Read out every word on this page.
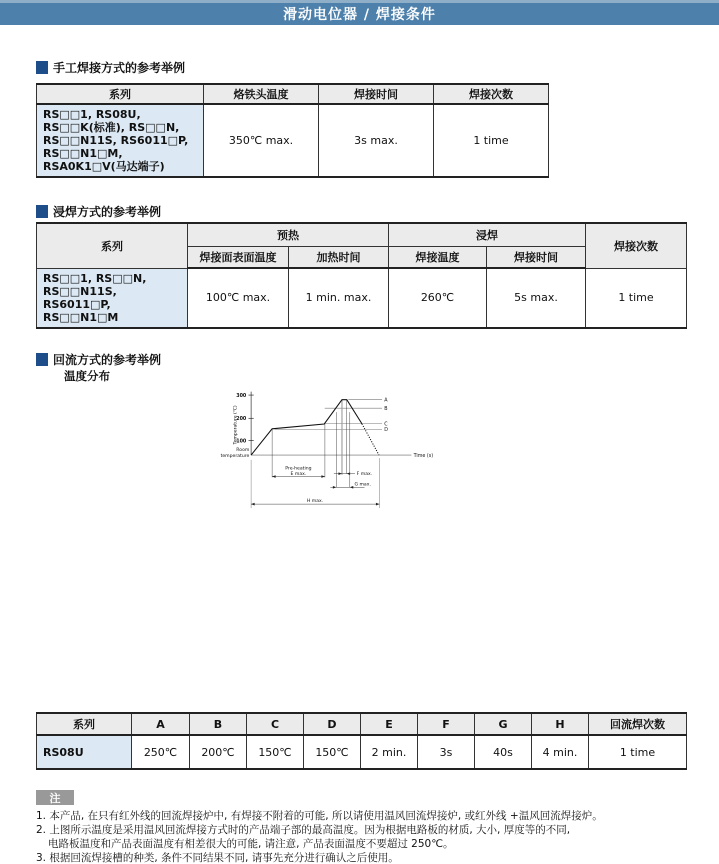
滑动电位器 / 焊接条件
手工焊接方式的参考举例
系列	烙铁头温度	焊接时间	焊接次数

RS□□1, RS08U,
RS□□K(标准), RS□□N,
RS□□N11S, RS6011□P,
RS□□N1□M,
RSA0K1□V(马达端子)	350℃ max.	3s max.	1 time
浸焊方式的参考举例
系列	预热		浸焊		焊接次数
	焊接面表面温度	加热时间	焊接温度	焊接时间	

RS□□1, RS□□N,
RS□□N11S, RS6011□P,
RS□□N1□M	100℃ max.	1 min. max.	260℃	5s max.	1 time
回流方式的参考举例
温度分布
300
200
100
Temperature (℃)
Time (s)
Room
temperature
A
B
C
D
Pre-heating
E max.	F max.
G max.
H max.
系列	A	B	C	D	E	F	G	H	回流焊次数
RS08U	250℃	200℃	150℃	150℃	2 min.	3s	40s	4 min.	1 time
注
1. 本产品, 在只有红外线的回流焊接炉中, 有焊接不附着的可能, 所以请使用温风回流焊接炉, 或红外线 +温风回流焊接炉。
2. 上图所示温度是采用温风回流焊接方式时的产品端子部的最高温度。因为根据电路板的材质, 大小, 厚度等的不同,
电路板温度和产品表面温度有相差很大的可能, 请注意, 产品表面温度不要超过 250℃。
3. 根据回流焊接槽的种类, 条件不同结果不同, 请事先充分进行确认之后使用。
